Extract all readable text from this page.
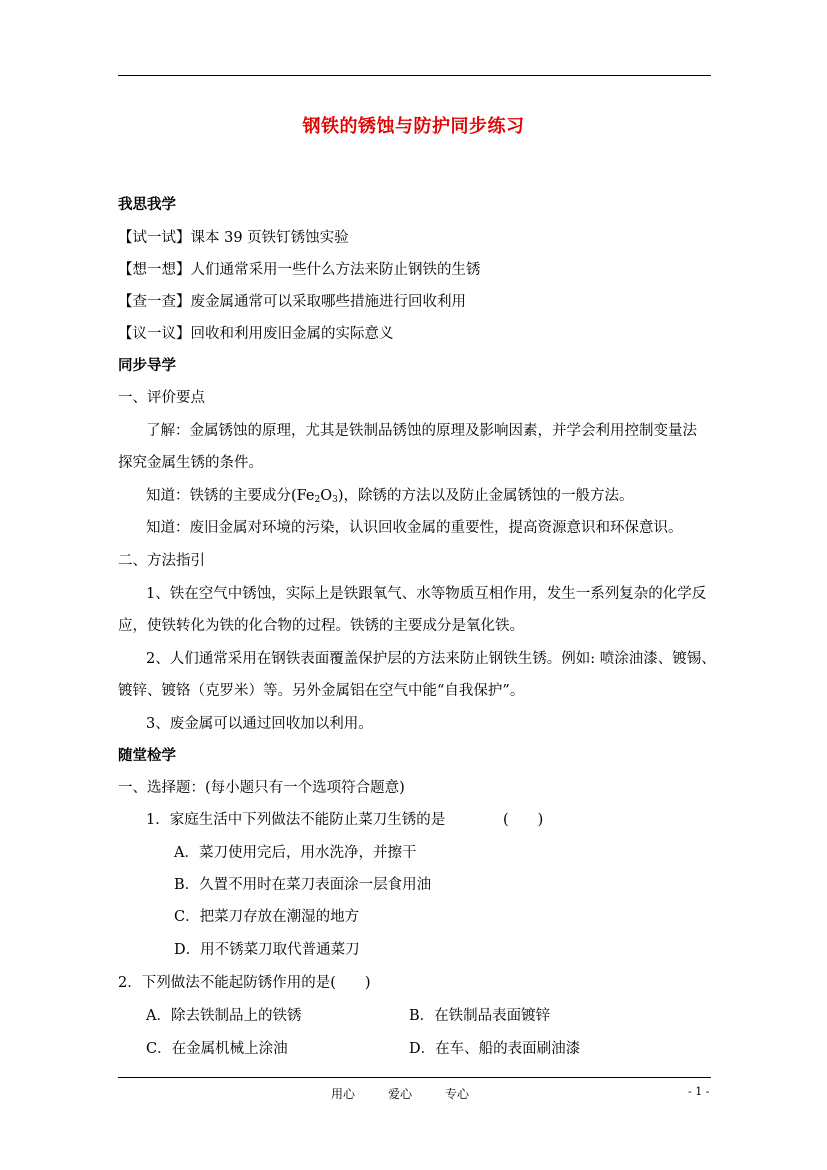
钢铁的锈蚀与防护同步练习
我思我学
【试一试】课本 39 页铁钉锈蚀实验
【想一想】人们通常采用一些什么方法来防止钢铁的生锈
【查一查】废金属通常可以采取哪些措施进行回收利用
【议一议】回收和利用废旧金属的实际意义
同步导学
一、评价要点
了解：金属锈蚀的原理，尤其是铁制品锈蚀的原理及影响因素，并学会利用控制变量法
探究金属生锈的条件。
知道：铁锈的主要成分$(Fe_2O_3)$，除锈的方法以及防止金属锈蚀的一般方法。
知道：废旧金属对环境的污染，认识回收金属的重要性，提高资源意识和环保意识。
二、方法指引
1、铁在空气中锈蚀，实际上是铁跟氧气、水等物质互相作用，发生一系列复杂的化学反
应，使铁转化为铁的化合物的过程。铁锈的主要成分是氧化铁。
2、人们通常采用在钢铁表面覆盖保护层的方法来防止钢铁生锈。例如: 喷涂油漆、镀锡、
镀锌、镀铬（克罗米）等。另外金属铝在空气中能“自我保护”。
3、废金属可以通过回收加以利用。
随堂检学
一、选择题：(每小题只有一个选项符合题意)
1．家庭生活中下列做法不能防止菜刀生锈的是	(　　)
A．菜刀使用完后，用水洗净，并擦干
B．久置不用时在菜刀表面涂一层食用油
C．把菜刀存放在潮湿的地方
D．用不锈菜刀取代普通菜刀
2．下列做法不能起防锈作用的是(　　)
A．除去铁制品上的铁锈	B．在铁制品表面镀锌
C．在金属机械上涂油	D．在车、船的表面刷油漆
用心	爱心	专心	- 1 -
